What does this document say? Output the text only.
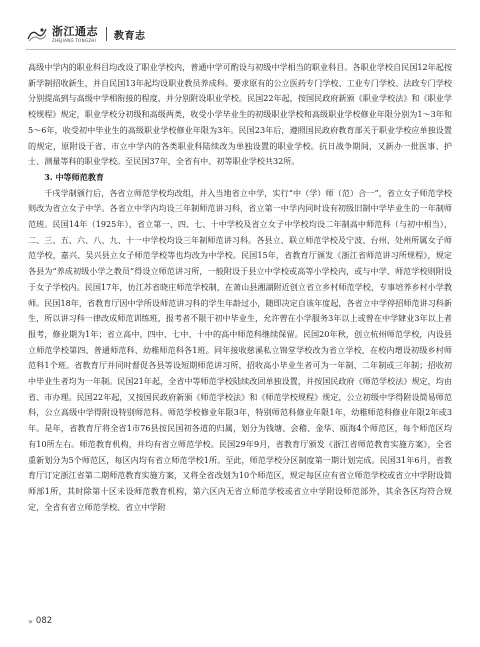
浙江通志
ZHEJIANG TONGZHI 教育志

高级中学内的职业科目均改设了职业学校内，普通中学可酌设与初级中学相当的职业科目。各职业学校自民国12年起按新学制招收新生，并自民国13年起均设职业教员养成科。要求原有的公立医药专门学校、工业专门学校、法政专门学校分别提高到与高级中学相衔接的程度，并分别附设职业学校。民国22年起，按国民政府新颁《职业学校法》和《职业学校规程》规定，职业学校分初级和高级两类，收受小学毕业生的初级职业学校和高级职业学校修业年限分别为1～3年和5～6年，收受初中毕业生的高级职业学校修业年限为3年。民国23年后，遵照国民政府教育部关于职业学校应单独设置的规定，原附设于省、市立中学内的各类职业科陆续改为单独设置的职业学校。抗日战争期间，又新办一批医事、护士、测量等科的职业学校。至民国37年，全省有中、初等职业学校共32所。

3. 中等师范教育

千戌学制颁行后，各省立师范学校均改组，并入当地省立中学，实行“中（学）师（范）合一”，省立女子师范学校则改为省立女子中学。各省立中学内均设三年制师范讲习科，省立第一中学内同时设有初级旧制中学毕业生的一年制师范班。民国14年（1925年），省立第一、四、七、十中学校及省立女子中学校均设二年制高中师范科（与初中相当），二、三、五、六、八、九、十一中学校均设三年制师范讲习科。各县立、联立师范学校及宁波、台州、处州所属女子师范学校，嘉兴、吴兴县立女子师范学校等也均改为中学校。民国15年，省教育厅颁发《浙江省师范讲习所规程》，规定各县为“养成初级小学之教员”得设立师范讲习所，一般附设于县立中学校或高等小学校内，或与中学、师范学校则附设于女子学校内。民国17年，仿江苏省晓庄师范学校制，在萧山县湘湖附近创立省立乡村师范学校，专事培养乡村小学教师。民国18年，省教育厅因中学所设师范讲习科的学生年龄过小，随即决定自该年度起，各省立中学停招师范讲习科新生，所以讲习科一律改成师范训练班，报考者不限于初中毕业生，允许曾在小学服务3年以上或曾在中学肄业3年以上者报考，修业期为1年；省立高中、四中、七中、十中的高中师范科继续保留。民国20年秋，创立杭州师范学校，内设县立师范学校第四、普通师范科、幼稚师范科各1班。同年接收慈溪私立锦堂学校改为省立学校，在校内增设初级乡村师范科1个班。省教育厅并同时督促各县等设短期师范讲习所，招收高小毕业生者可为一年制、二年制或三年制；招收初中毕业生者均为一年制。民国21年起，全省中等师范学校陆续改回单独设置，并按国民政府《师范学校法》规定，均由省、市办理。民国22年起，又按国民政府新颁《师范学校法》和《师范学校规程》规定，公立初级中学得附设简易师范科，公立高级中学得附设特别师范科。师范学校修业年限3年，特别师范科修业年限1年，幼稚师范科修业年限2年或3年。是年，省教育厅将全省1市76县按民国初各道的归属，划分为钱塘、会稽、金华、瓯海4个师范区，每个师范区均有10所左右。师范教育机构，并均有省立师范学校。民国29年9月，省教育厅颁发《浙江省师范教育实施方案》，全省重新划分为5个师范区，每区内均有省立师范学校1所。至此，师范学校分区制度第一期计划完成。民国31年6月，省教育厅订定浙江省第二期师范教育实施方案，又将全省改划为10个师范区，规定每区应有省立师范学校或省立中学附设简师部1所，其时除第十区未设师范教育机构，第六区内无省立师范学校或省立中学附设师范部外，其余各区均符合规定，全省有省立师范学校、省立中学附

» 082
